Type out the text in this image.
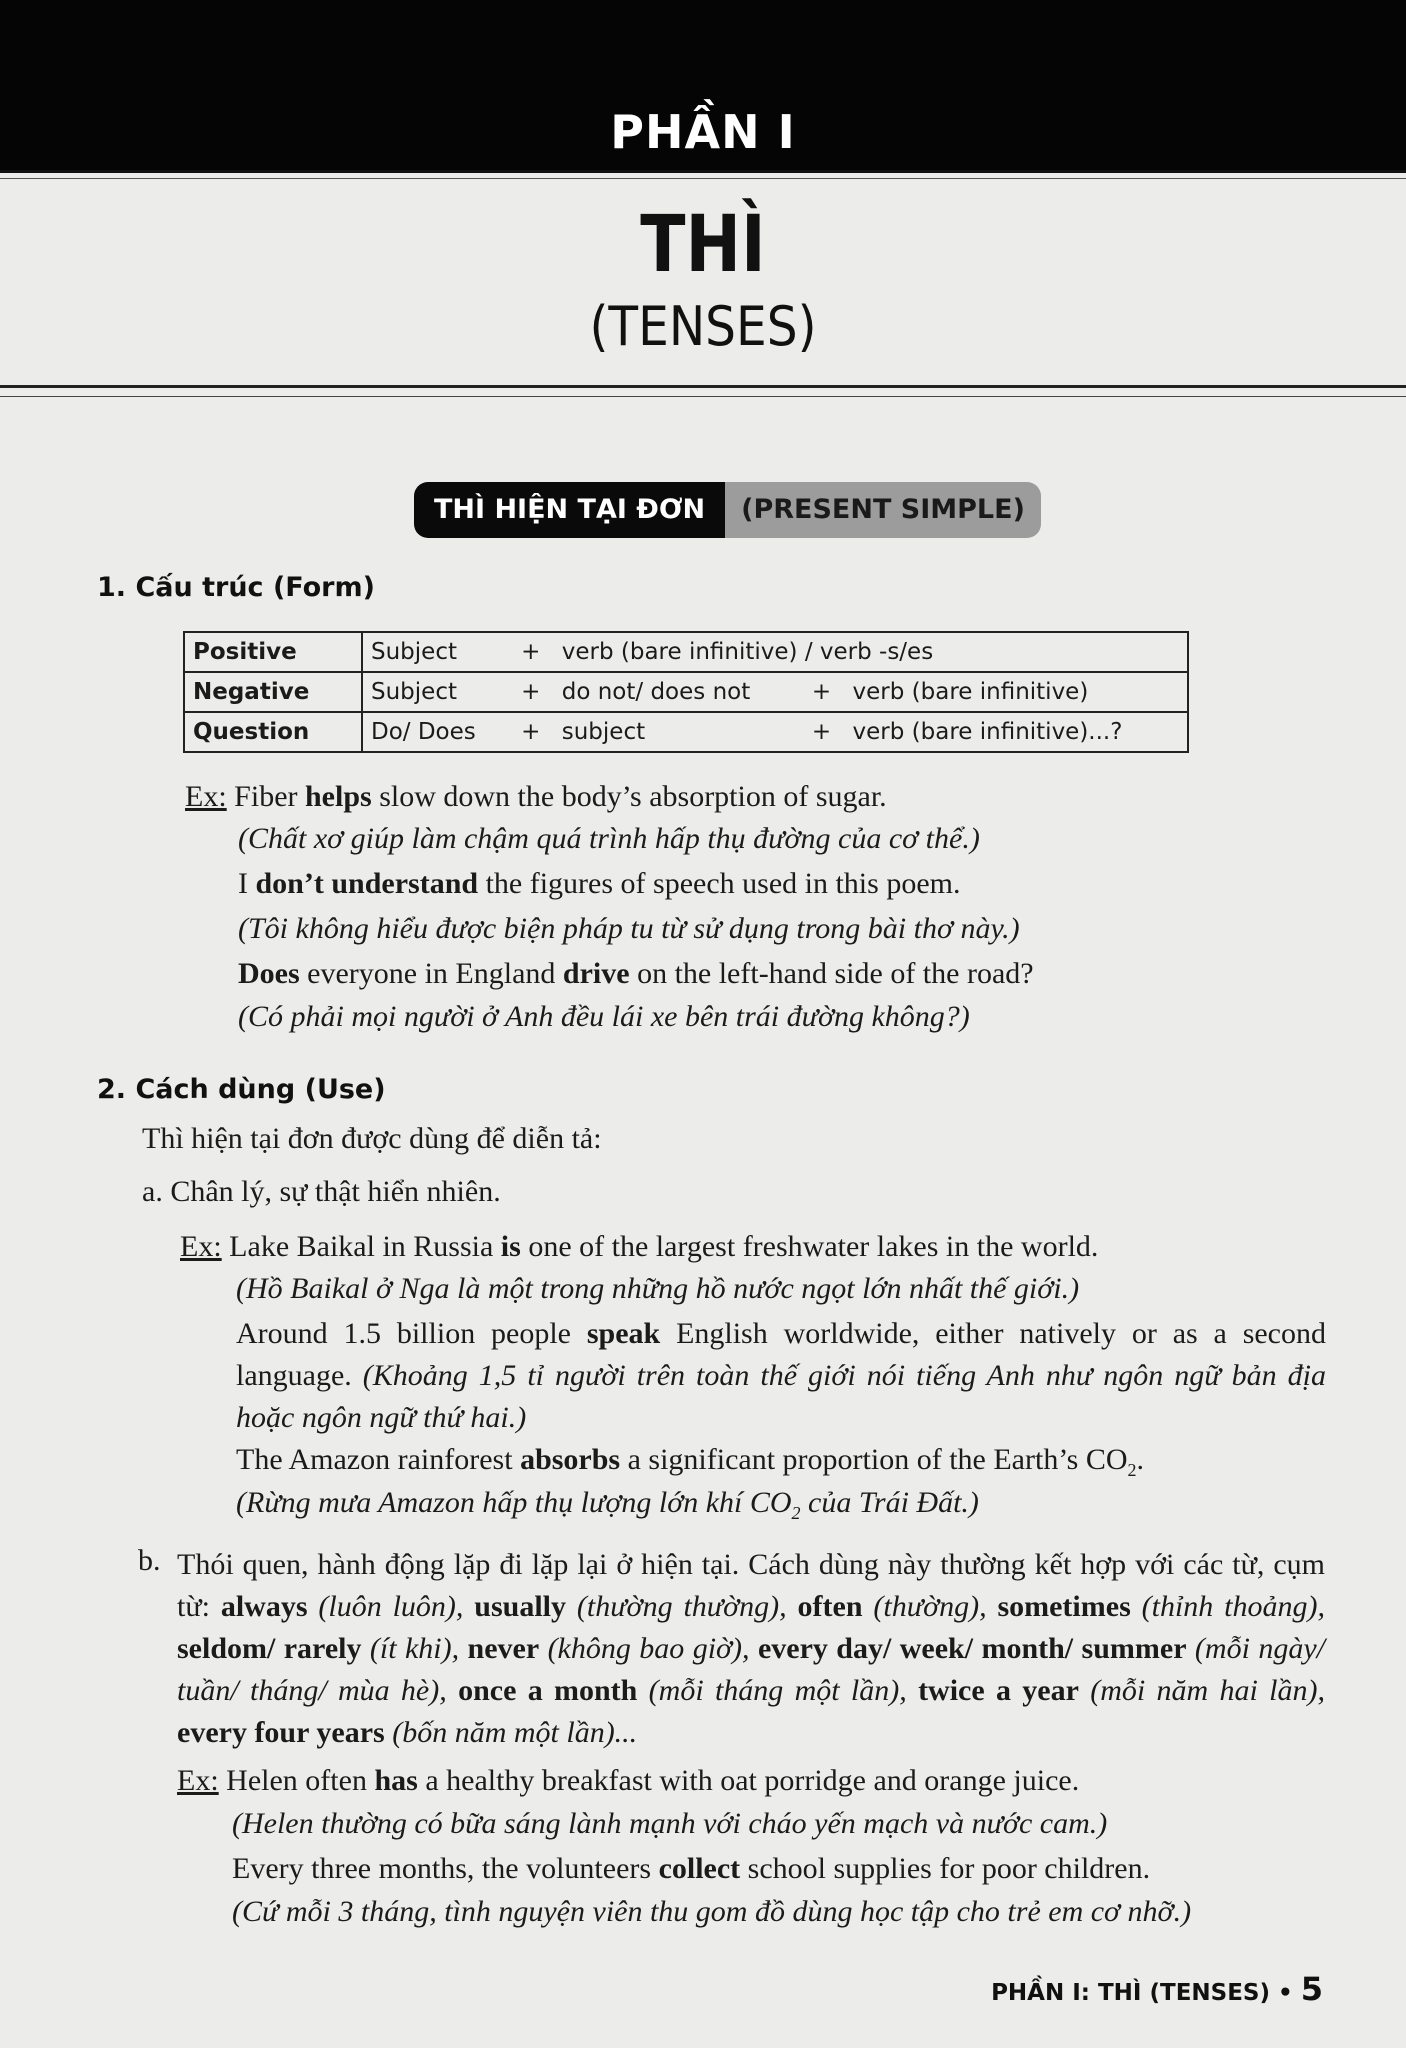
PHẦN I
THÌ
(TENSES)
THÌ HIỆN TẠI ĐƠN	(PRESENT SIMPLE)
1. Cấu trúc (Form)
Positive	Subject	+	verb (bare infinitive) / verb -s/es		
Negative	Subject	+	do not/ does not	+	verb (bare infinitive)
Question	Do/ Does	+	subject	+	verb (bare infinitive)...?
Ex: Fiber helps slow down the body’s absorption of sugar.
(Chất xơ giúp làm chậm quá trình hấp thụ đường của cơ thể.)
I don’t understand the figures of speech used in this poem.
(Tôi không hiểu được biện pháp tu từ sử dụng trong bài thơ này.)
Does everyone in England drive on the left-hand side of the road?
(Có phải mọi người ở Anh đều lái xe bên trái đường không?)
2. Cách dùng (Use)
Thì hiện tại đơn được dùng để diễn tả:
a. Chân lý, sự thật hiển nhiên.
Ex: Lake Baikal in Russia is one of the largest freshwater lakes in the world.
(Hồ Baikal ở Nga là một trong những hồ nước ngọt lớn nhất thế giới.)
Around 1.5 billion people speak English worldwide, either natively or as a second language. (Khoảng 1,5 tỉ người trên toàn thế giới nói tiếng Anh như ngôn ngữ bản địa hoặc ngôn ngữ thứ hai.)
The Amazon rainforest absorbs a significant proportion of the Earth’s $CO_2$.
(Rừng mưa Amazon hấp thụ lượng lớn khí $CO_2$ của Trái Đất.)
b. Thói quen, hành động lặp đi lặp lại ở hiện tại. Cách dùng này thường kết hợp với các từ, cụm từ: always (luôn luôn), usually (thường thường), often (thường), sometimes (thỉnh thoảng), seldom/ rarely (ít khi), never (không bao giờ), every day/ week/ month/ summer (mỗi ngày/ tuần/ tháng/ mùa hè), once a month (mỗi tháng một lần), twice a year (mỗi năm hai lần), every four years (bốn năm một lần)...
Ex: Helen often has a healthy breakfast with oat porridge and orange juice.
(Helen thường có bữa sáng lành mạnh với cháo yến mạch và nước cam.)
Every three months, the volunteers collect school supplies for poor children.
(Cứ mỗi 3 tháng, tình nguyện viên thu gom đồ dùng học tập cho trẻ em cơ nhỡ.)
PHẦN I: THÌ (TENSES) • 5
